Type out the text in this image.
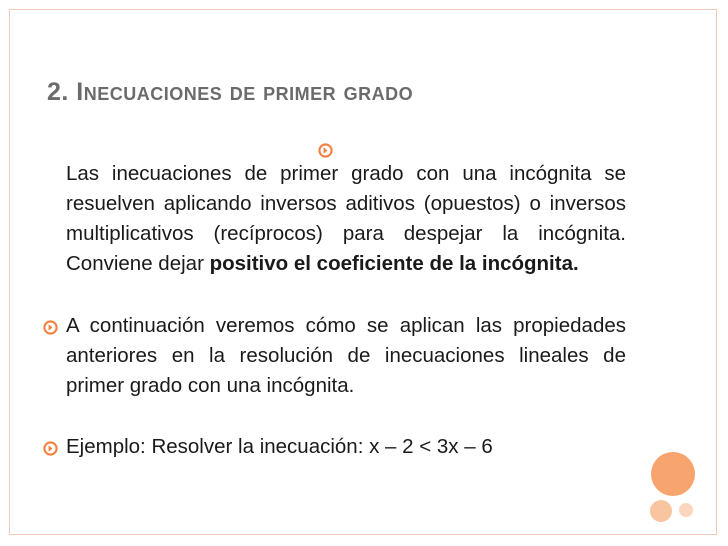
2. Inecuaciones de primer grado
Las inecuaciones de primer grado con una incógnita se resuelven aplicando inversos aditivos (opuestos) o inversos multiplicativos (recíprocos) para despejar la incógnita. Conviene dejar positivo el coeficiente de la incógnita.
A continuación veremos cómo se aplican las propiedades anteriores en la resolución de inecuaciones lineales de primer grado con una incógnita.
Ejemplo: Resolver la inecuación: x – 2 < 3x – 6
